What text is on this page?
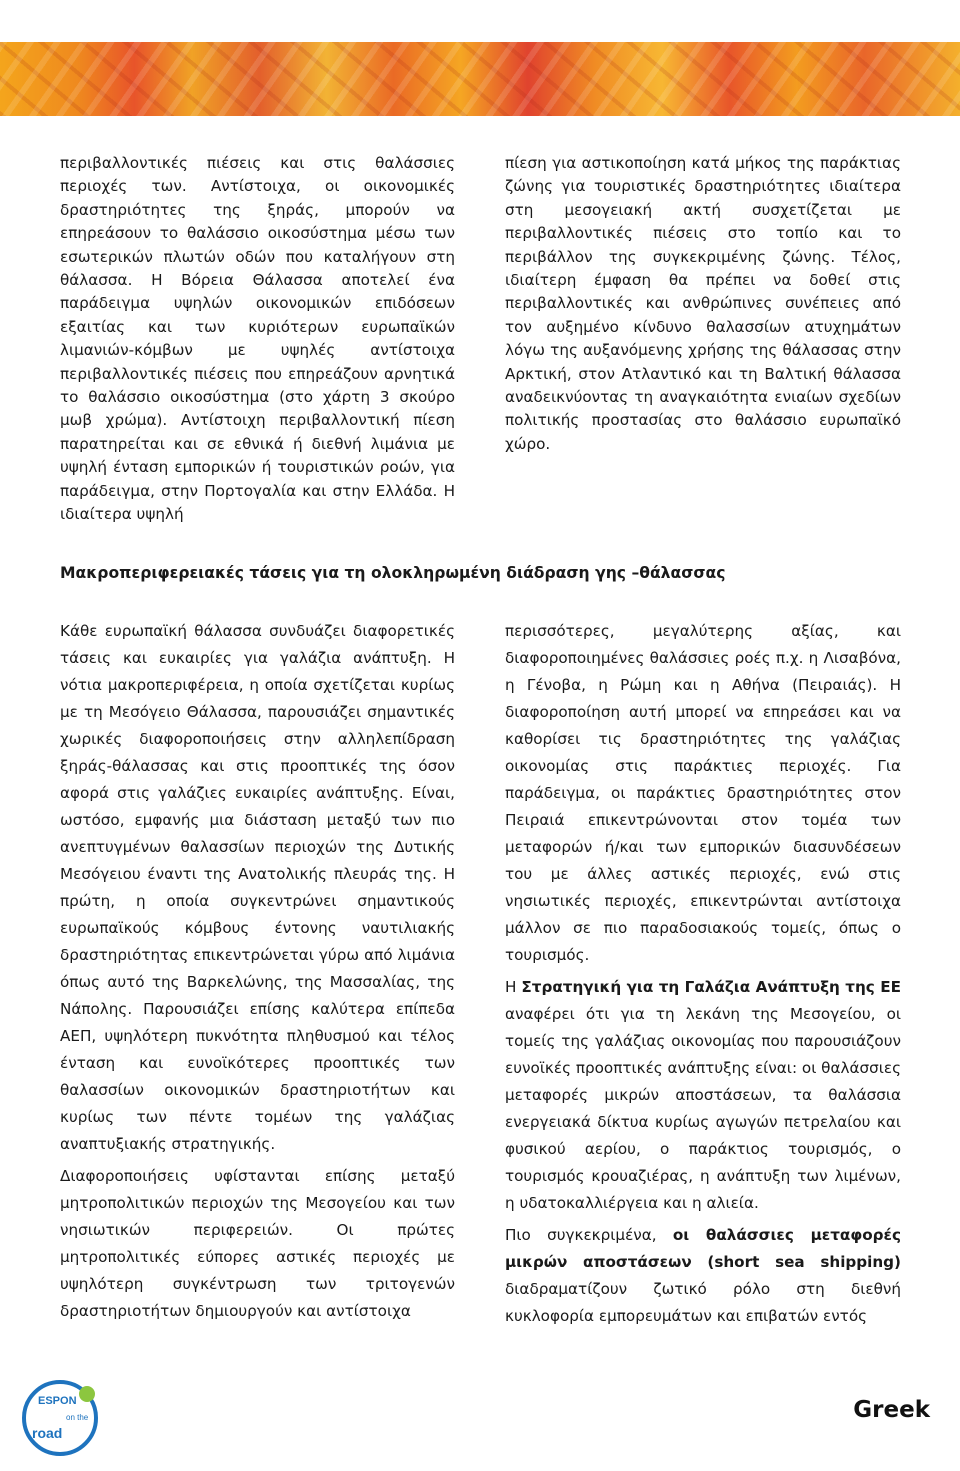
περιβαλλοντικές πιέσεις και στις θαλάσσιες περιοχές των. Αντίστοιχα, οι οικονομικές δραστηριότητες της ξηράς, μπορούν να επηρεάσουν το θαλάσσιο οικοσύστημα μέσω των εσωτερικών πλωτών οδών που καταλήγουν στη θάλασσα. Η Βόρεια Θάλασσα αποτελεί ένα παράδειγμα υψηλών οικονομικών επιδόσεων εξαιτίας και των κυριότερων ευρωπαϊκών λιμανιών-κόμβων με υψηλές αντίστοιχα περιβαλλοντικές πιέσεις που επηρεάζουν αρνητικά το θαλάσσιο οικοσύστημα (στο χάρτη 3 σκούρο μωβ χρώμα). Αντίστοιχη περιβαλλοντική πίεση παρατηρείται και σε εθνικά ή διεθνή λιμάνια με υψηλή ένταση εμπορικών ή τουριστικών ροών, για παράδειγμα, στην Πορτογαλία και στην Ελλάδα. Η ιδιαίτερα υψηλή

πίεση για αστικοποίηση κατά μήκος της παράκτιας ζώνης για τουριστικές δραστηριότητες ιδιαίτερα στη μεσογειακή ακτή συσχετίζεται με περιβαλλοντικές πιέσεις στο τοπίο και το περιβάλλον της συγκεκριμένης ζώνης. Τέλος, ιδιαίτερη έμφαση θα πρέπει να δοθεί στις περιβαλλοντικές και ανθρώπινες συνέπειες από τον αυξημένο κίνδυνο θαλασσίων ατυχημάτων λόγω της αυξανόμενης χρήσης της θάλασσας στην Αρκτική, στον Ατλαντικό και τη Βαλτική θάλασσα αναδεικνύοντας τη αναγκαιότητα ενιαίων σχεδίων πολιτικής προστασίας στο θαλάσσιο ευρωπαϊκό χώρο.

Μακροπεριφερειακές τάσεις για τη ολοκληρωμένη διάδραση γης –θάλασσας

Κάθε ευρωπαϊκή θάλασσα συνδυάζει διαφορετικές τάσεις και ευκαιρίες για γαλάζια ανάπτυξη. Η νότια μακροπεριφέρεια, η οποία σχετίζεται κυρίως με τη Μεσόγειο Θάλασσα, παρουσιάζει σημαντικές χωρικές διαφοροποιήσεις στην αλληλεπίδραση ξηράς-θάλασσας και στις προοπτικές της όσον αφορά στις γαλάζιες ευκαιρίες ανάπτυξης. Είναι, ωστόσο, εμφανής μια διάσταση μεταξύ των πιο ανεπτυγμένων θαλασσίων περιοχών της Δυτικής Μεσόγειου έναντι της Ανατολικής πλευράς της. Η πρώτη, η οποία συγκεντρώνει σημαντικούς ευρωπαϊκούς κόμβους έντονης ναυτιλιακής δραστηριότητας επικεντρώνεται γύρω από λιμάνια όπως αυτό της Βαρκελώνης, της Μασσαλίας, της Νάπολης. Παρουσιάζει επίσης καλύτερα επίπεδα ΑΕΠ, υψηλότερη πυκνότητα πληθυσμού και τέλος ένταση και ευνοϊκότερες προοπτικές των θαλασσίων οικονομικών δραστηριοτήτων και κυρίως των πέντε τομέων της γαλάζιας αναπτυξιακής στρατηγικής.

Διαφοροποιήσεις υφίστανται επίσης μεταξύ μητροπολιτικών περιοχών της Μεσογείου και των νησιωτικών περιφερειών. Οι πρώτες μητροπολιτικές εύπορες αστικές περιοχές με υψηλότερη συγκέντρωση των τριτογενών δραστηριοτήτων δημιουργούν και αντίστοιχα

περισσότερες, μεγαλύτερης αξίας, και διαφοροποιημένες θαλάσσιες ροές π.χ. η Λισαβόνα, η Γένοβα, η Ρώμη και η Αθήνα (Πειραιάς). Η διαφοροποίηση αυτή μπορεί να επηρεάσει και να καθορίσει τις δραστηριότητες της γαλάζιας οικονομίας στις παράκτιες περιοχές. Για παράδειγμα, οι παράκτιες δραστηριότητες στον Πειραιά επικεντρώνονται στον τομέα των μεταφορών ή/και των εμπορικών διασυνδέσεων του με άλλες αστικές περιοχές, ενώ στις νησιωτικές περιοχές, επικεντρώνται αντίστοιχα μάλλον σε πιο παραδοσιακούς τομείς, όπως ο τουρισμός.

Η Στρατηγική για τη Γαλάζια Ανάπτυξη της ΕΕ αναφέρει ότι για τη λεκάνη της Μεσογείου, οι τομείς της γαλάζιας οικονομίας που παρουσιάζουν ευνοϊκές προοπτικές ανάπτυξης είναι: οι θαλάσσιες μεταφορές μικρών αποστάσεων, τα θαλάσσια ενεργειακά δίκτυα κυρίως αγωγών πετρελαίου και φυσικού αερίου, ο παράκτιος τουρισμός, ο τουρισμός κρουαζιέρας, η ανάπτυξη των λιμένων, η υδατοκαλλιέργεια και η αλιεία.

Πιο συγκεκριμένα, οι θαλάσσιες μεταφορές μικρών αποστάσεων (short sea shipping) διαδραματίζουν ζωτικό ρόλο στη διεθνή κυκλοφορία εμπορευμάτων και επιβατών εντός

ESPON
on the
road
Greek
